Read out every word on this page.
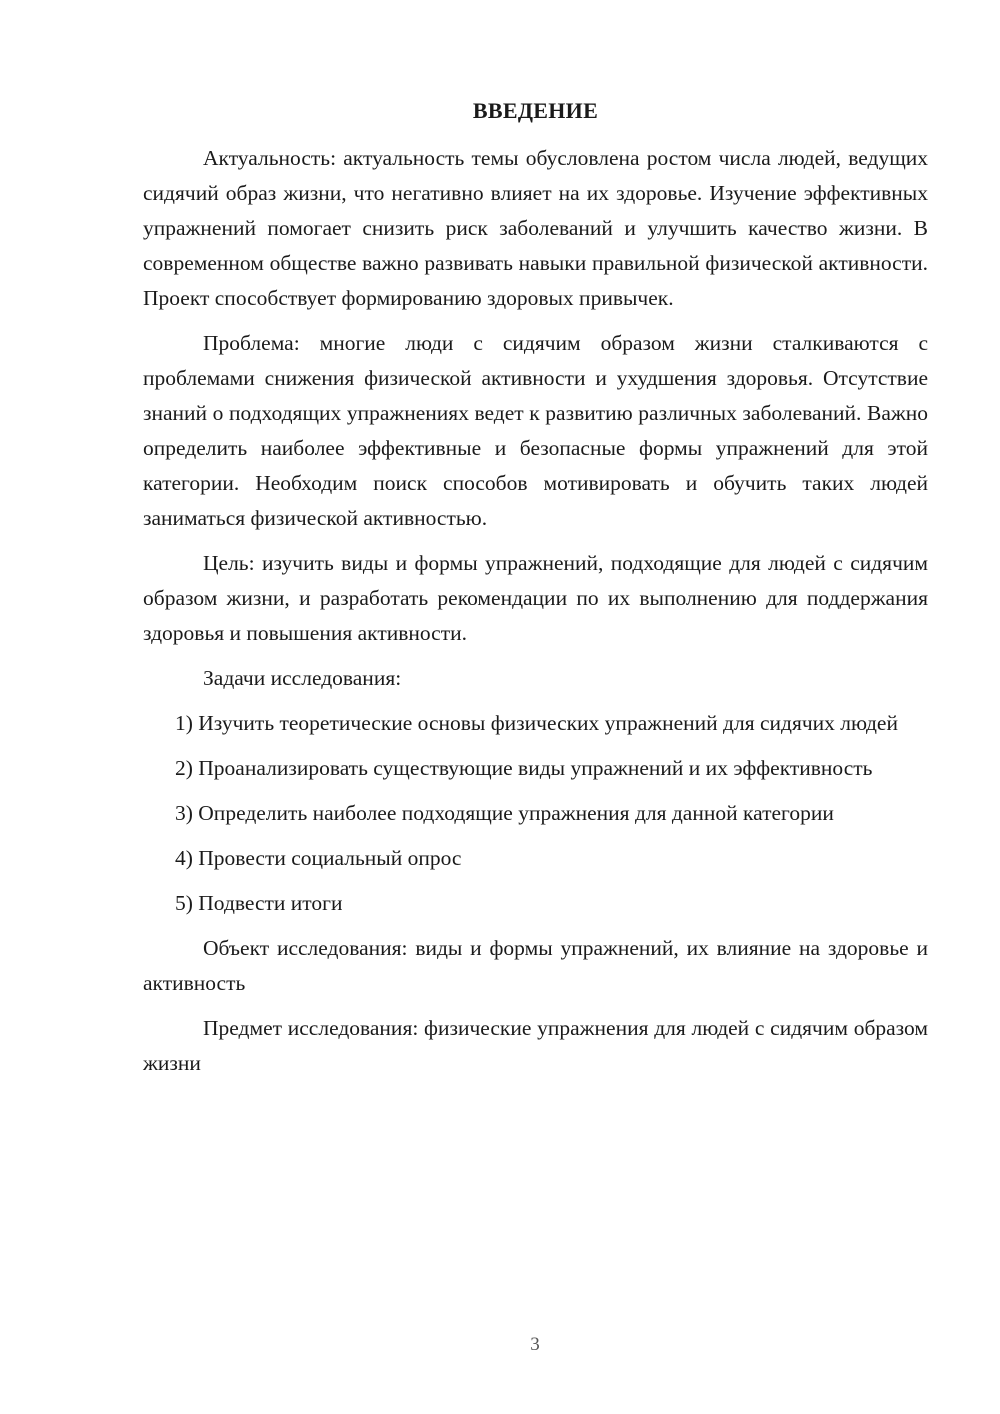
ВВЕДЕНИЕ

Актуальность: актуальность темы обусловлена ростом числа людей, ведущих сидячий образ жизни, что негативно влияет на их здоровье. Изучение эффективных упражнений помогает снизить риск заболеваний и улучшить качество жизни. В современном обществе важно развивать навыки правильной физической активности. Проект способствует формированию здоровых привычек.

Проблема: многие люди с сидячим образом жизни сталкиваются с проблемами снижения физической активности и ухудшения здоровья. Отсутствие знаний о подходящих упражнениях ведет к развитию различных заболеваний. Важно определить наиболее эффективные и безопасные формы упражнений для этой категории. Необходим поиск способов мотивировать и обучить таких людей заниматься физической активностью.

Цель: изучить виды и формы упражнений, подходящие для людей с сидячим образом жизни, и разработать рекомендации по их выполнению для поддержания здоровья и повышения активности.

Задачи исследования:

1) Изучить теоретические основы физических упражнений для сидячих людей

2) Проанализировать существующие виды упражнений и их эффективность

3) Определить наиболее подходящие упражнения для данной категории

4) Провести социальный опрос

5) Подвести итоги

Объект исследования: виды и формы упражнений, их влияние на здоровье и активность

Предмет исследования: физические упражнения для людей с сидячим образом жизни

3
